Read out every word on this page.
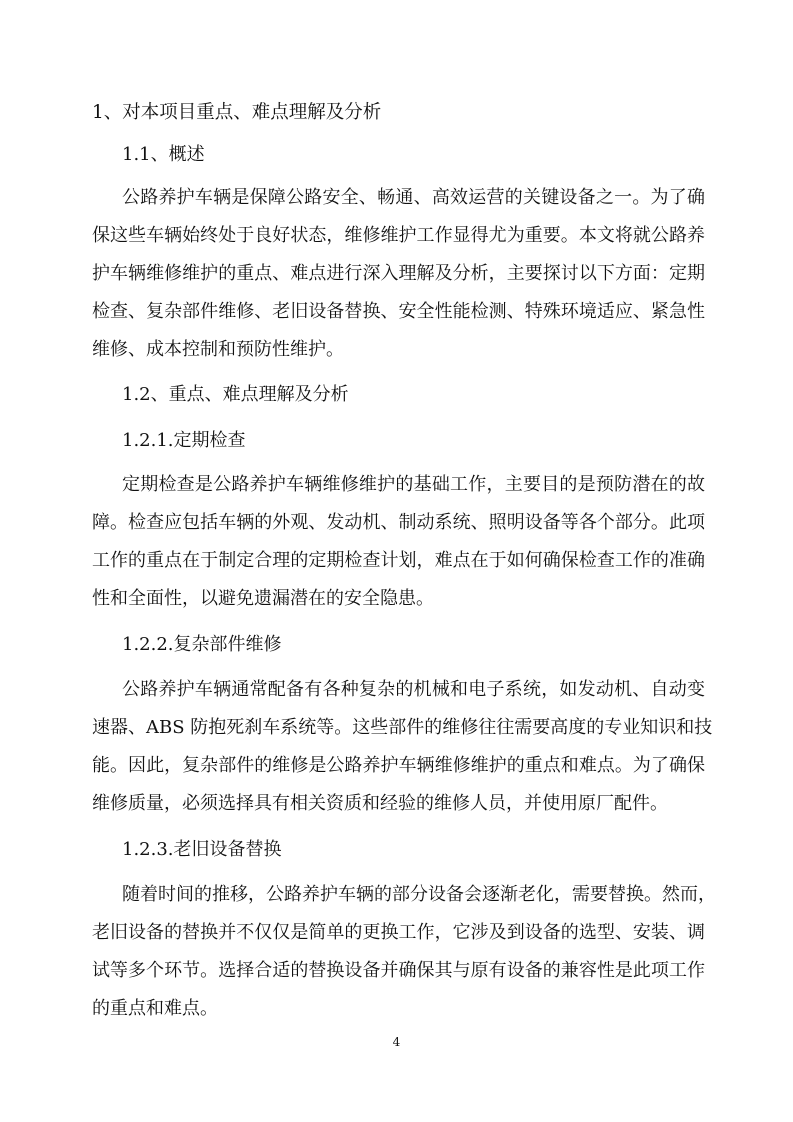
1、对本项目重点、难点理解及分析
1.1、概述
公路养护车辆是保障公路安全、畅通、高效运营的关键设备之一。为了确
保这些车辆始终处于良好状态，维修维护工作显得尤为重要。本文将就公路养
护车辆维修维护的重点、难点进行深入理解及分析，主要探讨以下方面：定期
检查、复杂部件维修、老旧设备替换、安全性能检测、特殊环境适应、紧急性
维修、成本控制和预防性维护。
1.2、重点、难点理解及分析
1.2.1.定期检查
定期检查是公路养护车辆维修维护的基础工作，主要目的是预防潜在的故
障。检查应包括车辆的外观、发动机、制动系统、照明设备等各个部分。此项
工作的重点在于制定合理的定期检查计划，难点在于如何确保检查工作的准确
性和全面性，以避免遗漏潜在的安全隐患。
1.2.2.复杂部件维修
公路养护车辆通常配备有各种复杂的机械和电子系统，如发动机、自动变
速器、ABS 防抱死刹车系统等。这些部件的维修往往需要高度的专业知识和技
能。因此，复杂部件的维修是公路养护车辆维修维护的重点和难点。为了确保
维修质量，必须选择具有相关资质和经验的维修人员，并使用原厂配件。
1.2.3.老旧设备替换
随着时间的推移，公路养护车辆的部分设备会逐渐老化，需要替换。然而，
老旧设备的替换并不仅仅是简单的更换工作，它涉及到设备的选型、安装、调
试等多个环节。选择合适的替换设备并确保其与原有设备的兼容性是此项工作
的重点和难点。
4
